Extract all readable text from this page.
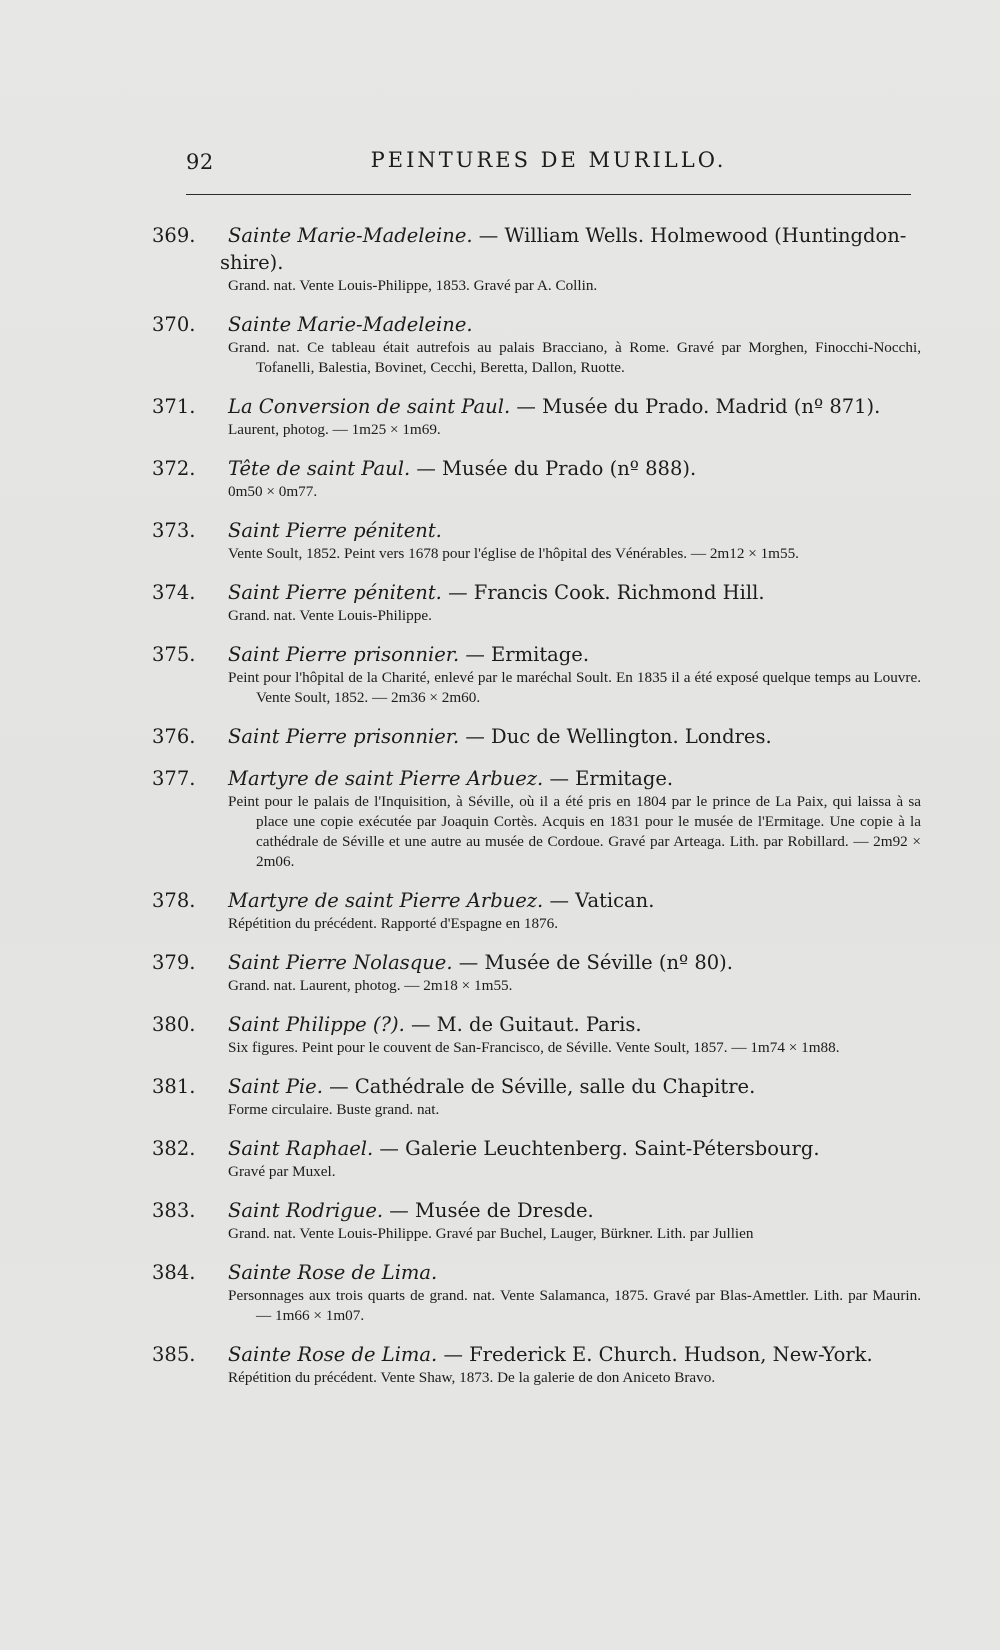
92	PEINTURES DE MURILLO.
369. Sainte Marie-Madeleine. — William Wells. Holmewood (Huntingdon-shire).
Grand. nat. Vente Louis-Philippe, 1853. Gravé par A. Collin.
370. Sainte Marie-Madeleine.
Grand. nat. Ce tableau était autrefois au palais Bracciano, à Rome. Gravé par Morghen, Finocchi-Nocchi, Tofanelli, Balestia, Bovinet, Cecchi, Beretta, Dallon, Ruotte.
371. La Conversion de saint Paul. — Musée du Prado. Madrid (nº 871).
Laurent, photog. — 1m25 × 1m69.
372. Tête de saint Paul. — Musée du Prado (nº 888).
0m50 × 0m77.
373. Saint Pierre pénitent.
Vente Soult, 1852. Peint vers 1678 pour l'église de l'hôpital des Vénérables. — 2m12 × 1m55.
374. Saint Pierre pénitent. — Francis Cook. Richmond Hill.
Grand. nat. Vente Louis-Philippe.
375. Saint Pierre prisonnier. — Ermitage.
Peint pour l'hôpital de la Charité, enlevé par le maréchal Soult. En 1835 il a été exposé quelque temps au Louvre. Vente Soult, 1852. — 2m36 × 2m60.
376. Saint Pierre prisonnier. — Duc de Wellington. Londres.
377. Martyre de saint Pierre Arbuez. — Ermitage.
Peint pour le palais de l'Inquisition, à Séville, où il a été pris en 1804 par le prince de La Paix, qui laissa à sa place une copie exécutée par Joaquin Cortès. Acquis en 1831 pour le musée de l'Ermitage. Une copie à la cathédrale de Séville et une autre au musée de Cordoue. Gravé par Arteaga. Lith. par Robillard. — 2m92 × 2m06.
378. Martyre de saint Pierre Arbuez. — Vatican.
Répétition du précédent. Rapporté d'Espagne en 1876.
379. Saint Pierre Nolasque. — Musée de Séville (nº 80).
Grand. nat. Laurent, photog. — 2m18 × 1m55.
380. Saint Philippe (?). — M. de Guitaut. Paris.
Six figures. Peint pour le couvent de San-Francisco, de Séville. Vente Soult, 1857. — 1m74 × 1m88.
381. Saint Pie. — Cathédrale de Séville, salle du Chapitre.
Forme circulaire. Buste grand. nat.
382. Saint Raphael. — Galerie Leuchtenberg. Saint-Pétersbourg.
Gravé par Muxel.
383. Saint Rodrigue. — Musée de Dresde.
Grand. nat. Vente Louis-Philippe. Gravé par Buchel, Lauger, Bürkner. Lith. par Jullien
384. Sainte Rose de Lima.
Personnages aux trois quarts de grand. nat. Vente Salamanca, 1875. Gravé par Blas-Amettler. Lith. par Maurin. — 1m66 × 1m07.
385. Sainte Rose de Lima. — Frederick E. Church. Hudson, New-York.
Répétition du précédent. Vente Shaw, 1873. De la galerie de don Aniceto Bravo.
